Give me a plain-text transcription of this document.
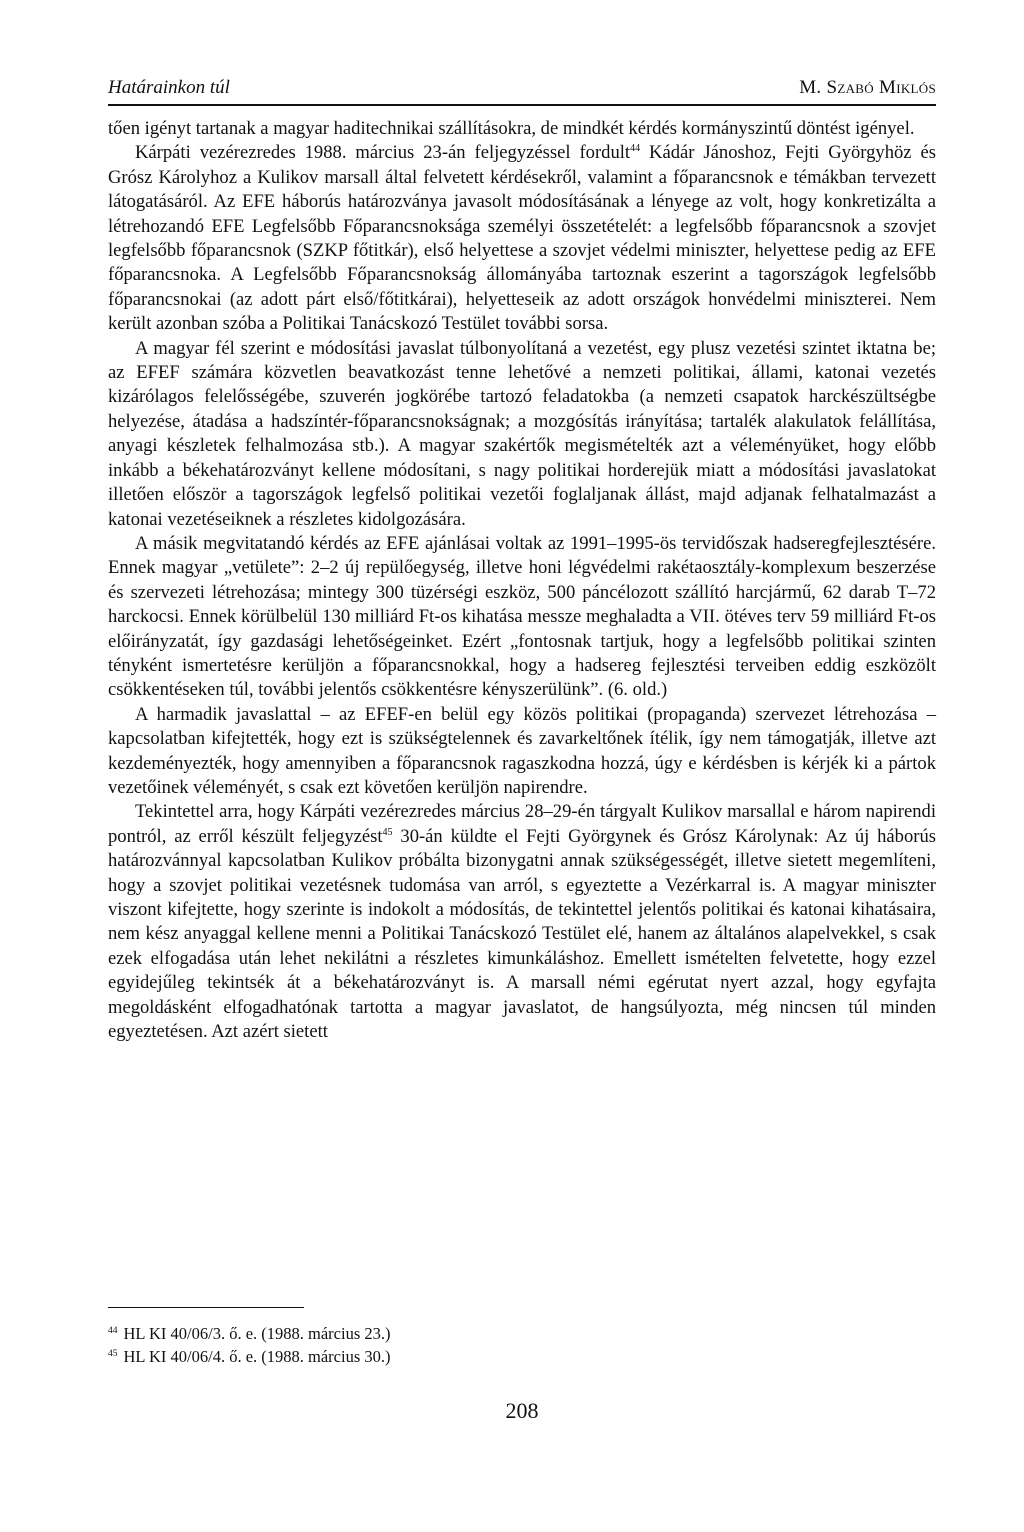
Határainkon túl	M. Szabó Miklós

tően igényt tartanak a magyar haditechnikai szállításokra, de mindkét kérdés kormányszintű döntést igényel.

Kárpáti vezérezredes 1988. március 23-án feljegyzéssel fordult$^{44}$ Kádár Jánoshoz, Fejti Györgyhöz és Grósz Károlyhoz a Kulikov marsall által felvetett kérdésekről, valamint a főparancsnok e témákban tervezett látogatásáról. Az EFE háborús határozványa javasolt módosításának a lényege az volt, hogy konkretizálta a létrehozandó EFE Legfelsőbb Főparancsnoksága személyi összetételét: a legfelsőbb főparancsnok a szovjet legfelsőbb főparancsnok (SZKP főtitkár), első helyettese a szovjet védelmi miniszter, helyettese pedig az EFE főparancsnoka. A Legfelsőbb Főparancsnokság állományába tartoznak eszerint a tagországok legfelsőbb főparancsnokai (az adott párt első/főtitkárai), helyetteseik az adott országok honvédelmi miniszterei. Nem került azonban szóba a Politikai Tanácskozó Testület további sorsa.

A magyar fél szerint e módosítási javaslat túlbonyolítaná a vezetést, egy plusz vezetési szintet iktatna be; az EFEF számára közvetlen beavatkozást tenne lehetővé a nemzeti politikai, állami, katonai vezetés kizárólagos felelősségébe, szuverén jogkörébe tartozó feladatokba (a nemzeti csapatok harckészültségbe helyezése, átadása a hadszíntér-főparancsnokságnak; a mozgósítás irányítása; tartalék alakulatok felállítása, anyagi készletek felhalmozása stb.). A magyar szakértők megismételték azt a véleményüket, hogy előbb inkább a békehatározványt kellene módosítani, s nagy politikai horderejük miatt a módosítási javaslatokat illetően először a tagországok legfelső politikai vezetői foglaljanak állást, majd adjanak felhatalmazást a katonai vezetéseiknek a részletes kidolgozására.

A másik megvitatandó kérdés az EFE ajánlásai voltak az 1991–1995-ös tervidőszak hadseregfejlesztésére. Ennek magyar „vetülete”: 2–2 új repülőegység, illetve honi légvédelmi rakétaosztály-komplexum beszerzése és szervezeti létrehozása; mintegy 300 tüzérségi eszköz, 500 páncélozott szállító harcjármű, 62 darab T–72 harckocsi. Ennek körülbelül 130 milliárd Ft-os kihatása messze meghaladta a VII. ötéves terv 59 milliárd Ft-os előirányzatát, így gazdasági lehetőségeinket. Ezért „fontosnak tartjuk, hogy a legfelsőbb politikai szinten tényként ismertetésre kerüljön a főparancsnokkal, hogy a hadsereg fejlesztési terveiben eddig eszközölt csökkentéseken túl, további jelentős csökkentésre kényszerülünk”. (6. old.)

A harmadik javaslattal – az EFEF-en belül egy közös politikai (propaganda) szervezet létrehozása – kapcsolatban kifejtették, hogy ezt is szükségtelennek és zavarkeltőnek ítélik, így nem támogatják, illetve azt kezdeményezték, hogy amennyiben a főparancsnok ragaszkodna hozzá, úgy e kérdésben is kérjék ki a pártok vezetőinek véleményét, s csak ezt követően kerüljön napirendre.

Tekintettel arra, hogy Kárpáti vezérezredes március 28–29-én tárgyalt Kulikov marsallal e három napirendi pontról, az erről készült feljegyzést$^{45}$ 30-án küldte el Fejti Györgynek és Grósz Károlynak: Az új háborús határozvánnyal kapcsolatban Kulikov próbálta bizonygatni annak szükségességét, illetve sietett megemlíteni, hogy a szovjet politikai vezetésnek tudomása van arról, s egyeztette a Vezérkarral is. A magyar miniszter viszont kifejtette, hogy szerinte is indokolt a módosítás, de tekintettel jelentős politikai és katonai kihatásaira, nem kész anyaggal kellene menni a Politikai Tanácskozó Testület elé, hanem az általános alapelvekkel, s csak ezek elfogadása után lehet nekilátni a részletes kimunkáláshoz. Emellett ismételten felvetette, hogy ezzel egyidejűleg tekintsék át a békehatározványt is. A marsall némi egérutat nyert azzal, hogy egyfajta megoldásként elfogadhatónak tartotta a magyar javaslatot, de hangsúlyozta, még nincsen túl minden egyeztetésen. Azt azért sietett

$^{44}$ HL KI 40/06/3. ő. e. (1988. március 23.)
$^{45}$ HL KI 40/06/4. ő. e. (1988. március 30.)
208
